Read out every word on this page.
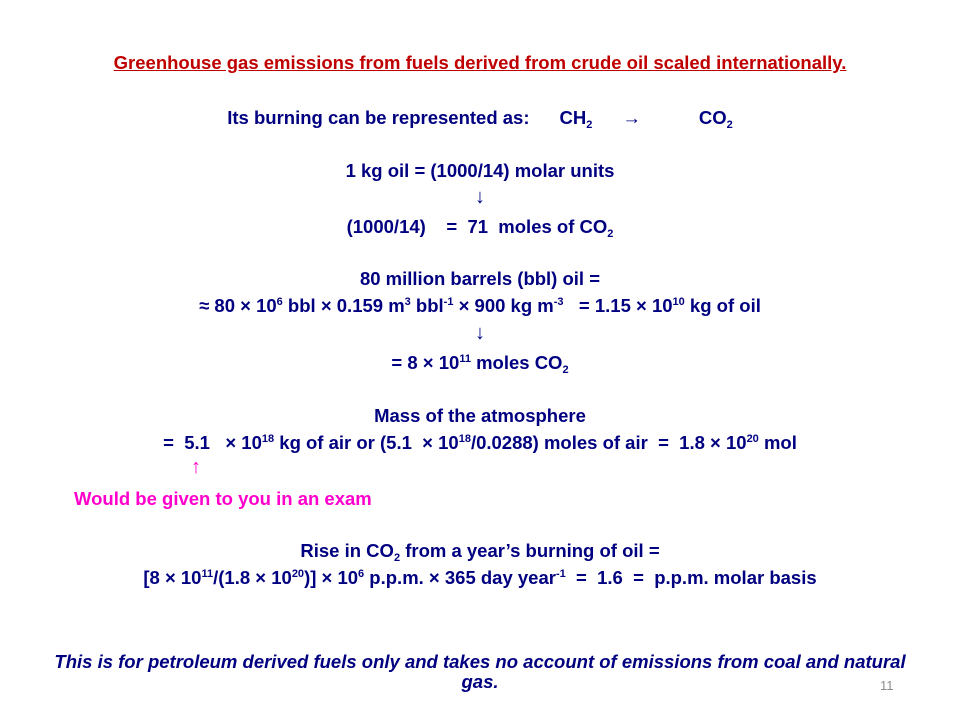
Greenhouse gas emissions from fuels derived from crude oil scaled internationally.
Its burning can be represented as: $CH_2$ →	$CO_2$
1 kg oil = (1000/14) molar units
↓
(1000/14)    =  71  moles of $CO_2$
80 million barrels (bbl) oil =
≈ $80 \times 10^6$ bbl × 0.159 $m^3$ bbl$^{-1}$ × 900 kg $m^{-3} = 1.15 \times 10^{10}$ kg of oil
↓
= $8 \times 10^{11}$ moles $CO_2$
Mass of the atmosphere
=  $5.1 \times 10^{18}$ kg of air or $(5.1 \times 10^{18}/0.0288)$ moles of air  =  $1.8 \times 10^{20}$ mol
↑
Would be given to you in an exam
Rise in $CO_2$ from a year’s burning of oil =
$[8 \times 10^{11}/(1.8 \times 10^{20})] \times 10^6$ p.p.m. × 365 day year$^{-1}$  =  1.6  =  p.p.m. molar basis
This is for petroleum derived fuels only and takes no account of emissions from coal and natural gas.	11
